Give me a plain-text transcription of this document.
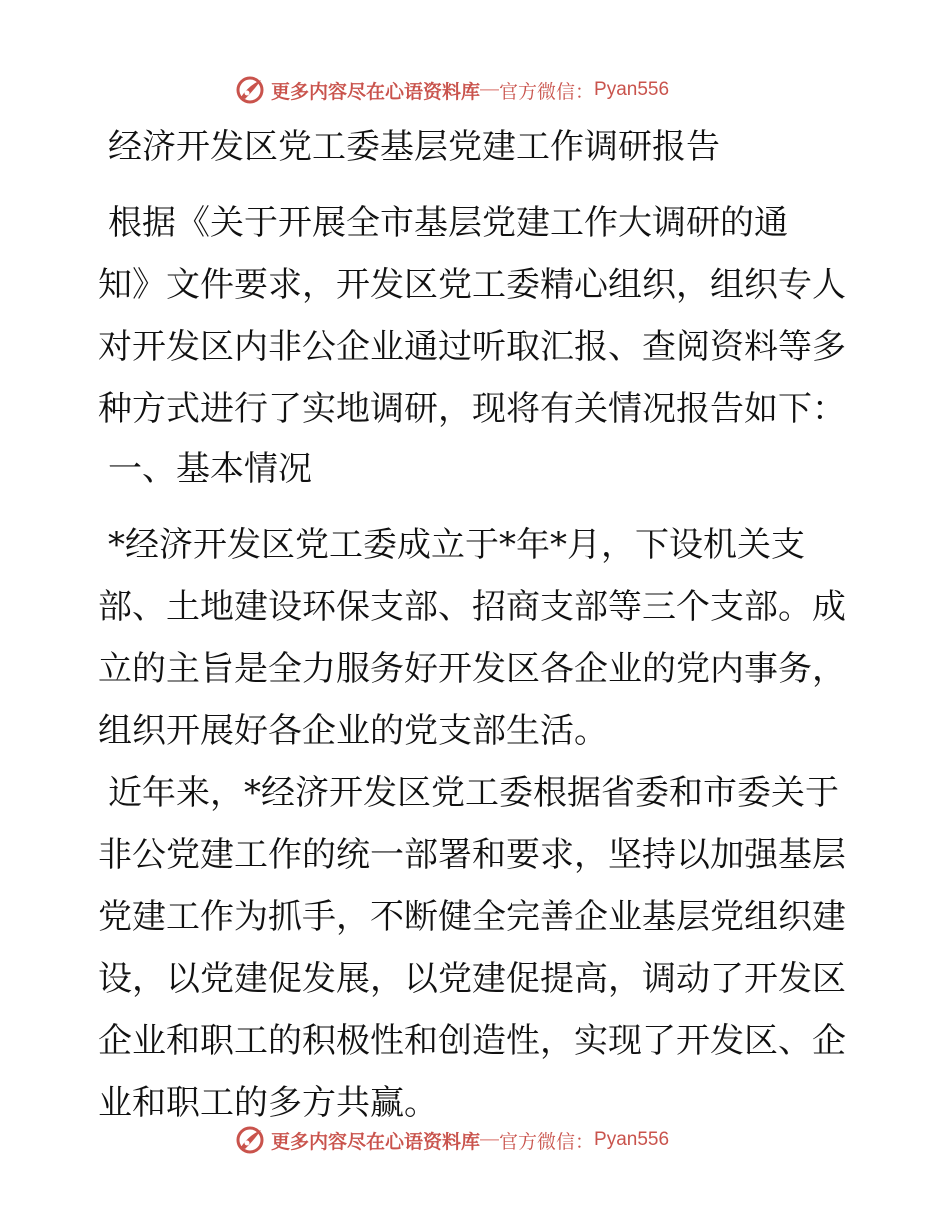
更多内容尽在心语资料库 — 官方微信： Pyan556
经济开发区党工委基层党建工作调研报告

根据《关于开展全市基层党建工作大调研的通
知》文件要求，开发区党工委精心组织，组织专人
对开发区内非公企业通过听取汇报、查阅资料等多
种方式进行了实地调研，现将有关情况报告如下：

一、基本情况

*经济开发区党工委成立于*年*月，下设机关支
部、土地建设环保支部、招商支部等三个支部。成
立的主旨是全力服务好开发区各企业的党内事务，
组织开展好各企业的党支部生活。

近年来，*经济开发区党工委根据省委和市委关于
非公党建工作的统一部署和要求，坚持以加强基层
党建工作为抓手，不断健全完善企业基层党组织建
设，以党建促发展，以党建促提高，调动了开发区
企业和职工的积极性和创造性，实现了开发区、企
业和职工的多方共赢。

更多内容尽在心语资料库 — 官方微信： Pyan556
